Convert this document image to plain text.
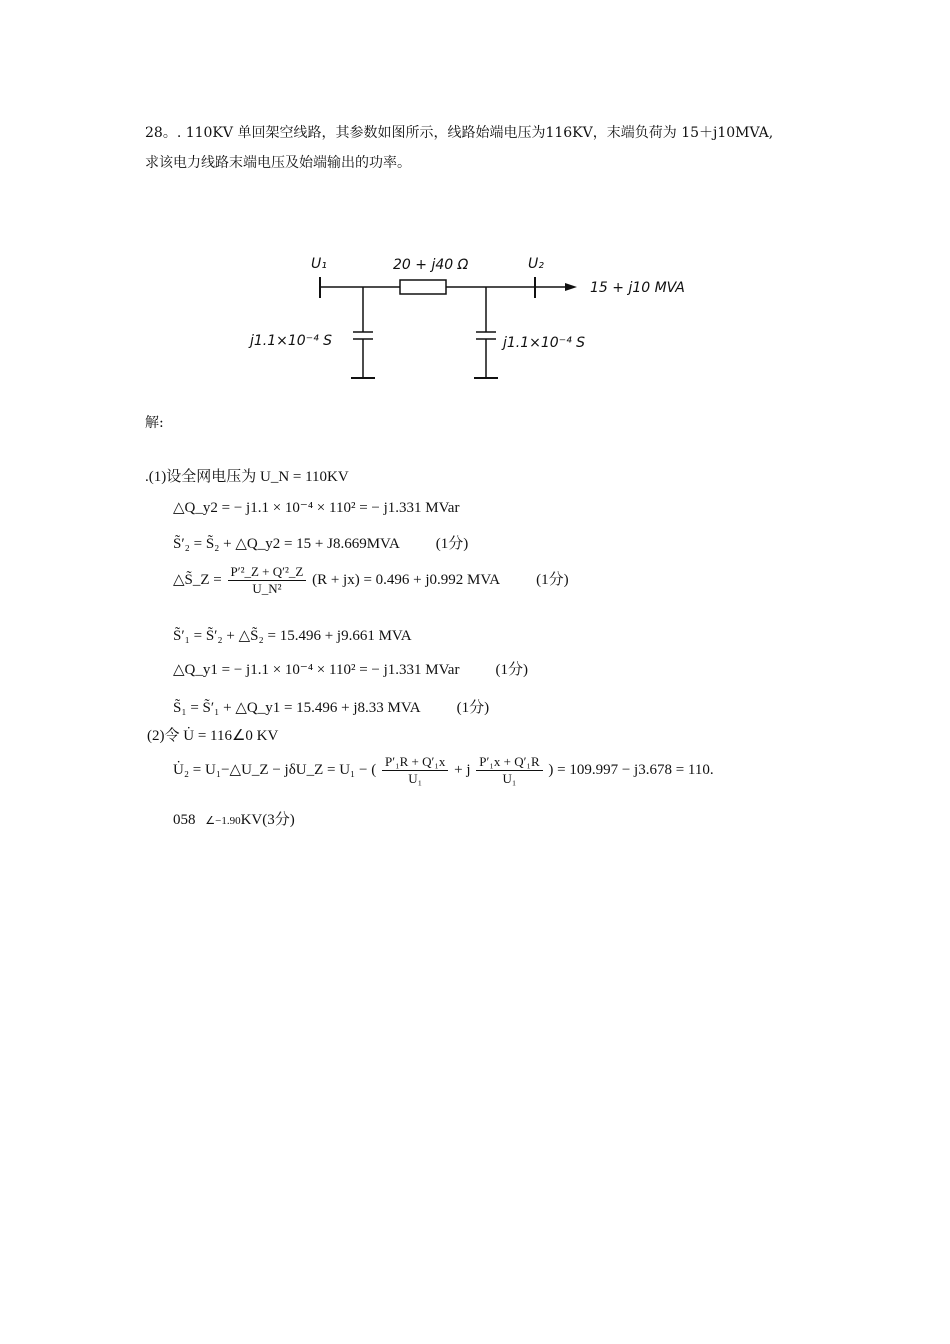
28。. 110KV 单回架空线路，其参数如图所示，线路始端电压为116KV，末端负荷为 15＋j10MVA,

求该电力线路末端电压及始端输出的功率。

U₁	U₂
20 + j40 Ω
15 + j10 MVA
j1.1×10⁻⁴ S	j1.1×10⁻⁴ S
解:
.(1)设全网电压为 U_N = 110KV
△Q_y2 = − j1.1 × 10⁻⁴ × 110² = − j1.331 MVar
S̃′₂ = S̃₂ + △Q_y2 = 15 + J8.669MVA (1分)
△S̃_Z = $\frac{\text{P′²\_Z + Q′²\_Z}}{\text{U\_N²}} (R + jx) = 0.496 + j0.992$ MVA (1分)
S̃′₁ = S̃′₂ + △S̃₂ = 15.496 + j9.661 MVA
△Q_y1 = − j1.1 × 10⁻⁴ × 110² = − j1.331 MVar (1分)
S̃₁ = S̃′₁ + △Q_y1 = 15.496 + j8.33 MVA (1分)
(2)令 U̇ = 116∠0 KV
U̇₂ = U₁−△U_Z − jδU_Z = U₁ − ( $\frac{\text{P′₁R + Q′₁x}}{\text{U₁}} + j \frac{\text{P′₁x + Q′₁R}}{\text{U₁}}$ ) = 109.997 − j3.678 = 110.
058 ∠−1.90KV(3分)
